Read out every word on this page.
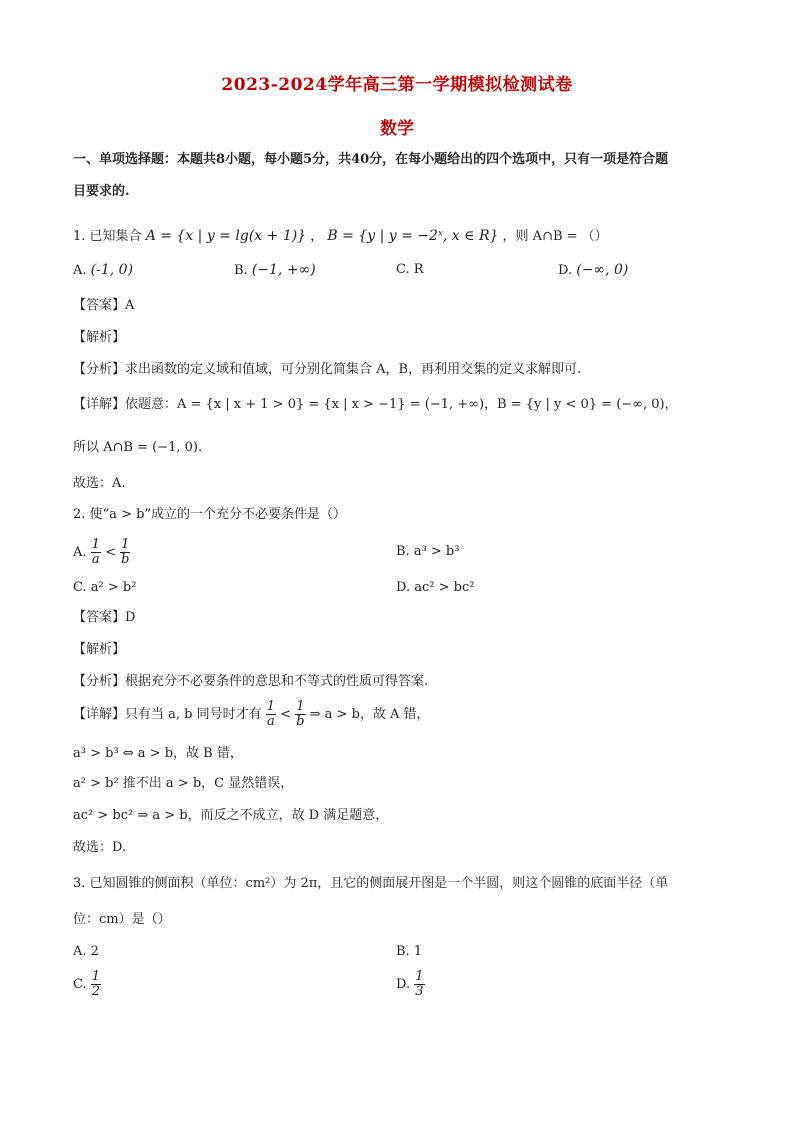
2023-2024学年高三第一学期模拟检测试卷
数学
一、单项选择题：本题共8小题，每小题5分，共40分，在每小题给出的四个选项中，只有一项是符合题
目要求的.
1. 已知集合 A = {x | y = lg(x + 1)} ， B = {y | y = −2ˣ, x ∈ R} ，则 A∩B = （）
A. (-1, 0)	B. (−1, +∞)	C. R	D. (−∞, 0)
【答案】A
【解析】
【分析】求出函数的定义域和值域，可分别化简集合 A，B，再利用交集的定义求解即可.
【详解】依题意：A = {x | x + 1 > 0} = {x | x > −1} = (−1, +∞)，B = {y | y < 0} = (−∞, 0)，
所以 A∩B = (−1, 0).
故选：A.
2. 使“a > b”成立的一个充分不必要条件是（）
A. $\frac{1}{a} < \frac{1}{b}$	B. a³ > b³
C. a² > b²	D. ac² > bc²
【答案】D
【解析】
【分析】根据充分不必要条件的意思和不等式的性质可得答案.
【详解】只有当 a, b 同号时才有 $\frac{1}{a} < \frac{1}{b}$ ⇒ a > b，故 A 错，
a³ > b³ ⇔ a > b，故 B 错，
a² > b² 推不出 a > b，C 显然错误，
ac² > bc² ⇒ a > b，而反之不成立，故 D 满足题意，
故选：D.
3. 已知圆锥的侧面积（单位：cm²）为 2π，且它的侧面展开图是一个半圆，则这个圆锥的底面半径（单
位：cm）是（）
A. 2	B. 1
C. $\frac{1}{2}$	D. $\frac{1}{3}$
